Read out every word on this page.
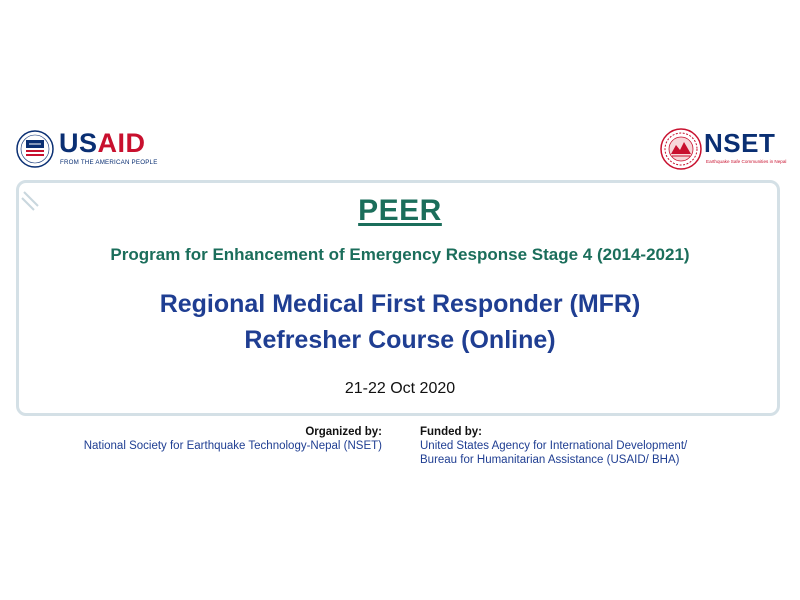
USAID
FROM THE AMERICAN PEOPLE
NSET
Earthquake Safe Communities in Nepal
PEER
Program for Enhancement of Emergency Response Stage 4 (2014-2021)
Regional Medical First Responder (MFR)
Refresher Course (Online)
21-22 Oct 2020
Organized by:
National Society for Earthquake Technology-Nepal (NSET)
Funded by:
United States Agency for International Development/
Bureau for Humanitarian Assistance (USAID/ BHA)
